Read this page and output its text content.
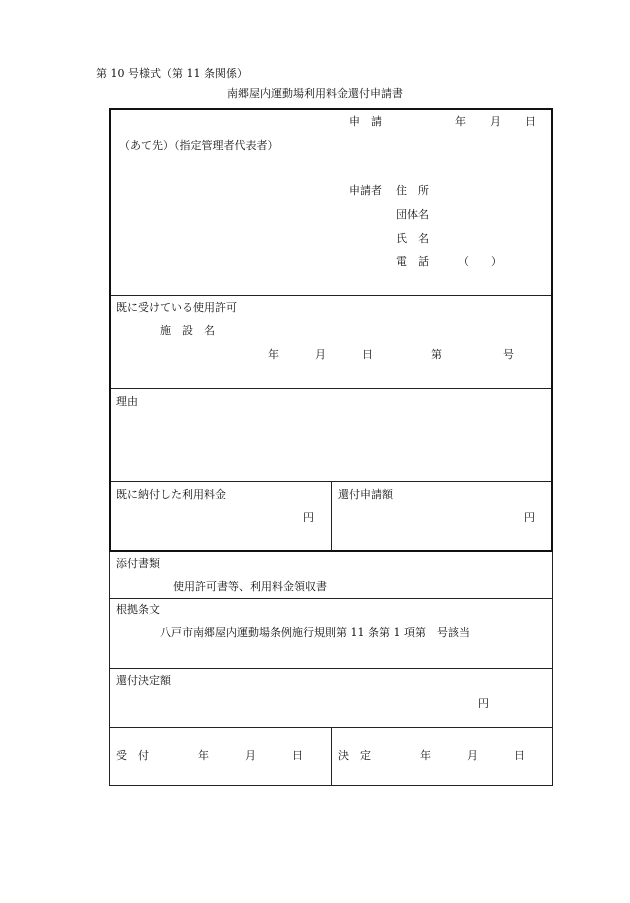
第 10 号様式（第 11 条関係）
南郷屋内運動場利用料金還付申請書
申　請	年 月 日
（あて先）（指定管理者代表者）
申請者 住　所
団体名
氏　名
電　話	（　　）
既に受けている使用許可
施　設　名
年	月	日	第	号
理由
既に納付した利用料金
円
還付申請額
円
添付書類
使用許可書等、利用料金領収書
根拠条文
八戸市南郷屋内運動場条例施行規則第 11 条第 1 項第　号該当
還付決定額
円
受　付	年	月	日	決　定	年	月	日
